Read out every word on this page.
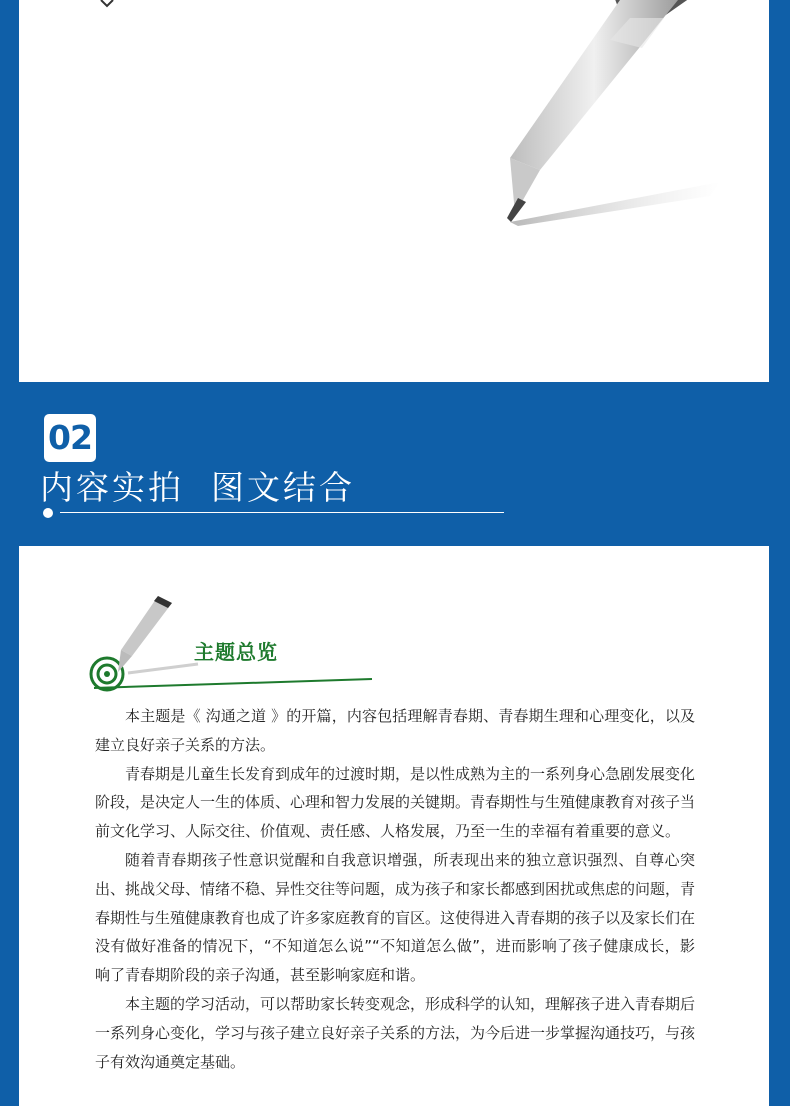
02
内容实拍  图文结合
主题总览

本主题是《 沟通之道 》的开篇，内容包括理解青春期、青春期生理和心理变化，以及建立良好亲子关系的方法。

青春期是儿童生长发育到成年的过渡时期，是以性成熟为主的一系列身心急剧发展变化阶段，是决定人一生的体质、心理和智力发展的关键期。青春期性与生殖健康教育对孩子当前文化学习、人际交往、价值观、责任感、人格发展，乃至一生的幸福有着重要的意义。

随着青春期孩子性意识觉醒和自我意识增强，所表现出来的独立意识强烈、自尊心突出、挑战父母、情绪不稳、异性交往等问题，成为孩子和家长都感到困扰或焦虑的问题，青春期性与生殖健康教育也成了许多家庭教育的盲区。这使得进入青春期的孩子以及家长们在没有做好准备的情况下，“不知道怎么说”“不知道怎么做”，进而影响了孩子健康成长，影响了青春期阶段的亲子沟通，甚至影响家庭和谐。

本主题的学习活动，可以帮助家长转变观念，形成科学的认知，理解孩子进入青春期后一系列身心变化，学习与孩子建立良好亲子关系的方法，为今后进一步掌握沟通技巧，与孩子有效沟通奠定基础。
